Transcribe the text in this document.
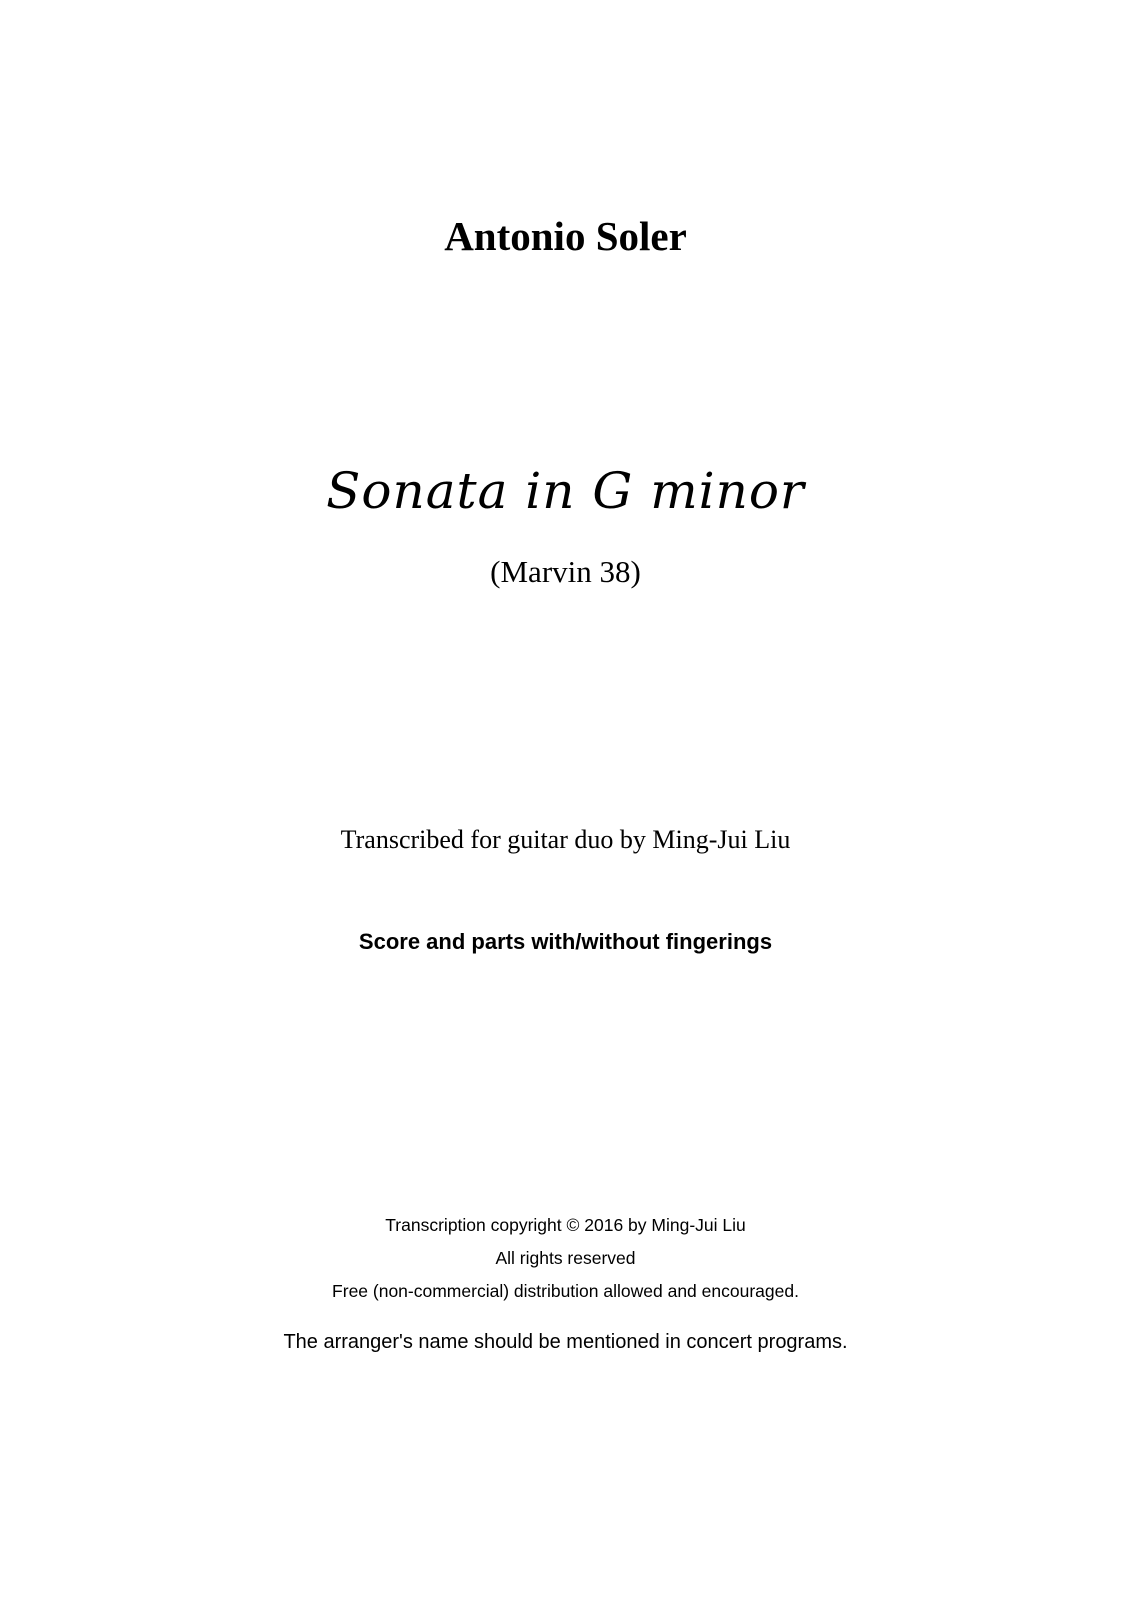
Antonio Soler
Sonata in G minor
(Marvin 38)
Transcribed for guitar duo by Ming-Jui Liu
Score and parts with/without fingerings
Transcription copyright © 2016 by Ming-Jui Liu
All rights reserved
Free (non-commercial) distribution allowed and encouraged.
The arranger's name should be mentioned in concert programs.
